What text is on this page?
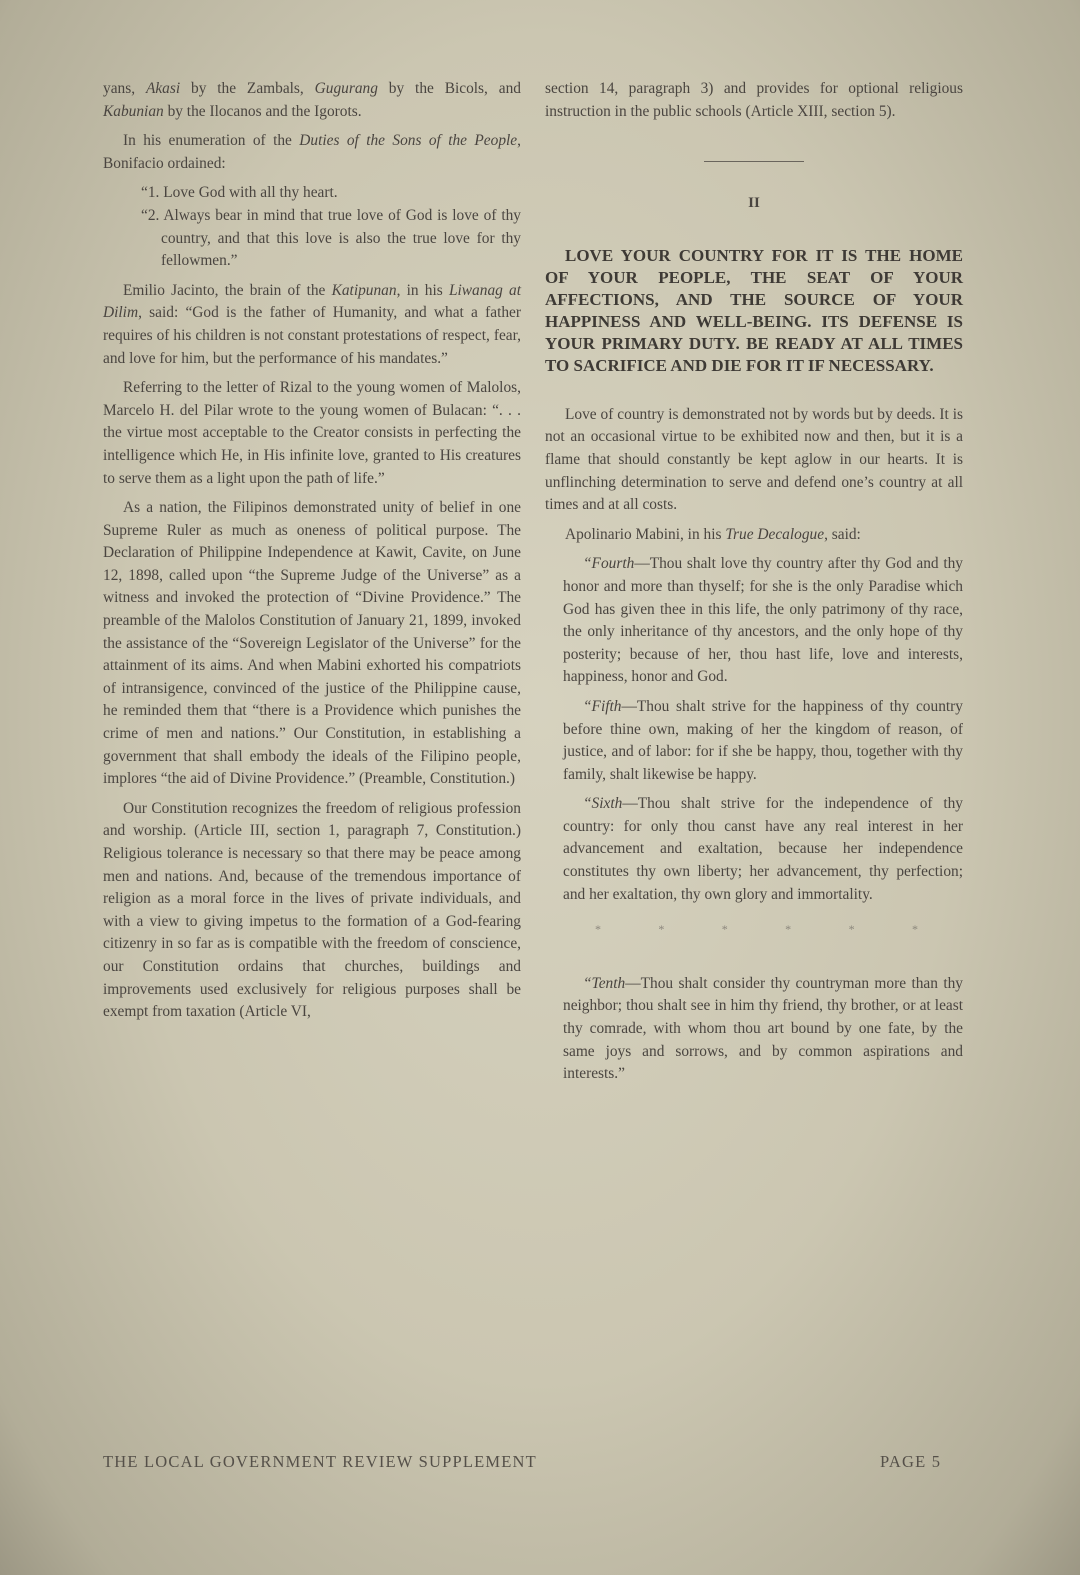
yans, Akasi by the Zambals, Gugurang by the Bicols, and Kabunian by the Ilocanos and the Igorots.

In his enumeration of the Duties of the Sons of the People, Bonifacio ordained:

“1. Love God with all thy heart.

“2. Always bear in mind that true love of God is love of thy country, and that this love is also the true love for thy fellowmen.”

Emilio Jacinto, the brain of the Katipunan, in his Liwanag at Dilim, said: “God is the father of Humanity, and what a father requires of his children is not constant protestations of respect, fear, and love for him, but the performance of his mandates.”

Referring to the letter of Rizal to the young women of Malolos, Marcelo H. del Pilar wrote to the young women of Bulacan: “. . . the virtue most acceptable to the Creator consists in perfecting the intelligence which He, in His infinite love, granted to His creatures to serve them as a light upon the path of life.”

As a nation, the Filipinos demonstrated unity of belief in one Supreme Ruler as much as oneness of political purpose. The Declaration of Philippine Independence at Kawit, Cavite, on June 12, 1898, called upon “the Supreme Judge of the Universe” as a witness and invoked the protection of “Divine Providence.” The preamble of the Malolos Constitution of January 21, 1899, invoked the assistance of the “Sovereign Legislator of the Universe” for the attainment of its aims. And when Mabini exhorted his compatriots of intransigence, convinced of the justice of the Philippine cause, he reminded them that “there is a Providence which punishes the crime of men and nations.” Our Constitution, in establishing a government that shall embody the ideals of the Filipino people, implores “the aid of Divine Providence.” (Preamble, Constitution.)

Our Constitution recognizes the freedom of religious profession and worship. (Article III, section 1, paragraph 7, Constitution.) Religious tolerance is necessary so that there may be peace among men and nations. And, because of the tremendous importance of religion as a moral force in the lives of private individuals, and with a view to giving impetus to the formation of a God-fearing citizenry in so far as is compatible with the freedom of conscience, our Constitution ordains that churches, buildings and improvements used exclusively for religious purposes shall be exempt from taxation (Article VI,

section 14, paragraph 3) and provides for optional religious instruction in the public schools (Article XIII, section 5).

II

LOVE YOUR COUNTRY FOR IT IS THE HOME OF YOUR PEOPLE, THE SEAT OF YOUR AFFECTIONS, AND THE SOURCE OF YOUR HAPPINESS AND WELL-BEING. ITS DEFENSE IS YOUR PRIMARY DUTY. BE READY AT ALL TIMES TO SACRIFICE AND DIE FOR IT IF NECESSARY.

Love of country is demonstrated not by words but by deeds. It is not an occasional virtue to be exhibited now and then, but it is a flame that should constantly be kept aglow in our hearts. It is unflinching determination to serve and defend one’s country at all times and at all costs.

Apolinario Mabini, in his True Decalogue, said:

“Fourth—Thou shalt love thy country after thy God and thy honor and more than thyself; for she is the only Paradise which God has given thee in this life, the only patrimony of thy race, the only inheritance of thy ancestors, and the only hope of thy posterity; because of her, thou hast life, love and interests, happiness, honor and God.

“Fifth—Thou shalt strive for the happiness of thy country before thine own, making of her the kingdom of reason, of justice, and of labor: for if she be happy, thou, together with thy family, shalt likewise be happy.

“Sixth—Thou shalt strive for the independence of thy country: for only thou canst have any real interest in her advancement and exaltation, because her independence constitutes thy own liberty; her advancement, thy perfection; and her exaltation, thy own glory and immortality.

*	*	*	*	*	*

“Tenth—Thou shalt consider thy countryman more than thy neighbor; thou shalt see in him thy friend, thy brother, or at least thy comrade, with whom thou art bound by one fate, by the same joys and sorrows, and by common aspirations and interests.”

THE LOCAL GOVERNMENT REVIEW SUPPLEMENT	PAGE 5
